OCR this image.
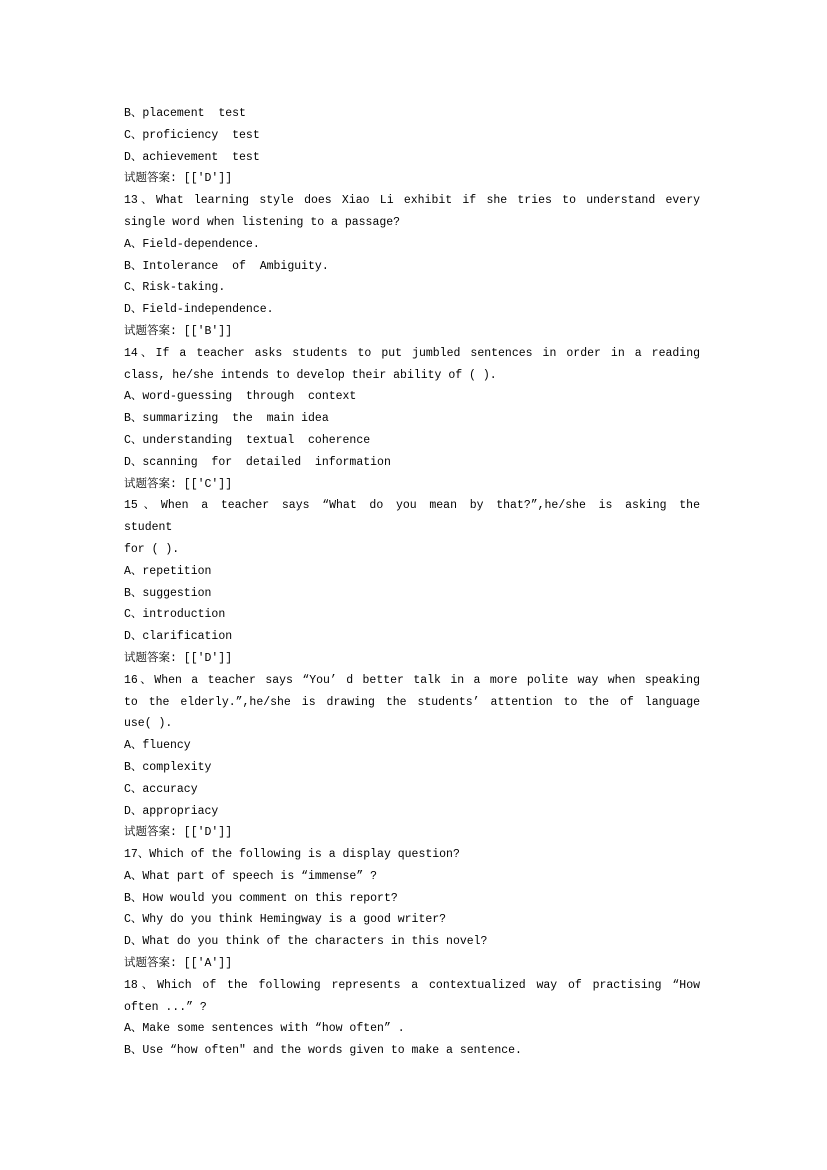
B、placement  test
C、proficiency  test
D、achievement  test
试题答案: [['D']]
13、What learning style does Xiao Li exhibit if she tries to understand every
single word when listening to a passage?
A、Field-dependence.
B、Intolerance  of  Ambiguity.
C、Risk-taking.
D、Field-independence.
试题答案: [['B']]
14、If a teacher asks students to put jumbled sentences in order in a reading
class, he/she intends to develop their ability of ( ).
A、word-guessing  through  context
B、summarizing  the  main idea
C、understanding  textual  coherence
D、scanning  for  detailed  information
试题答案: [['C']]
15、When a teacher says “What do you mean by that?”,he/she is asking the
student
for ( ).
A、repetition
B、suggestion
C、introduction
D、clarification
试题答案: [['D']]
16、When a teacher says “You’ d better talk in a more polite way when speaking
to the elderly.”,he/she is drawing the students’ attention to the of language
use( ).
A、fluency
B、complexity
C、accuracy
D、appropriacy
试题答案: [['D']]
17、Which of the following is a display question?
A、What part of speech is “immense” ?
B、How would you comment on this report?
C、Why do you think Hemingway is a good writer?
D、What do you think of the characters in this novel?
试题答案: [['A']]
18、Which of the following represents a contextualized way of practising “How
often ...” ?
A、Make some sentences with “how often” .
B、Use “how often″ and the words given to make a sentence.
